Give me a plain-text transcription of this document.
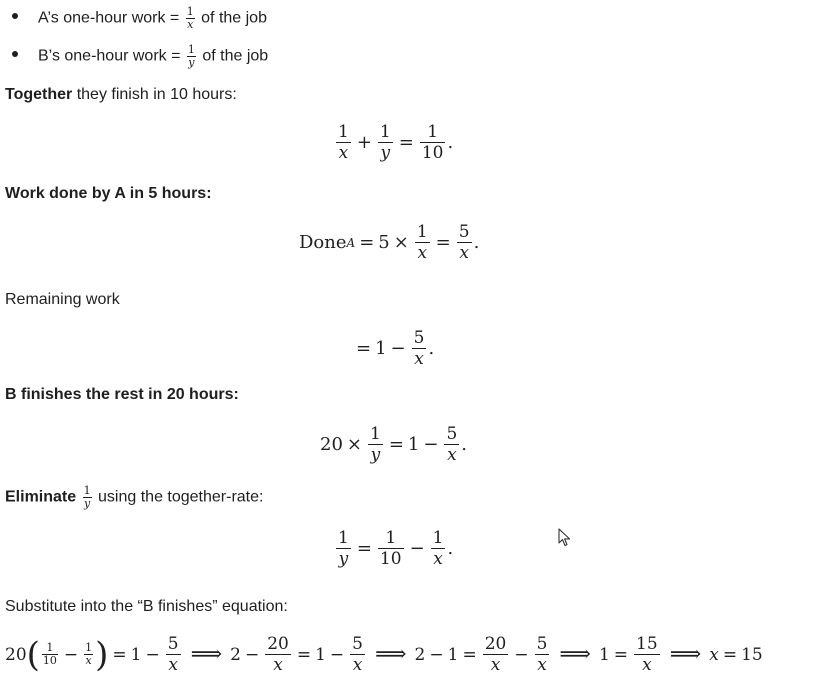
A’s one-hour work = $\frac{1}{x}$ of the job
B’s one-hour work = $\frac{1}{y}$ of the job
Together they finish in 10 hours:
$\frac{1}{x} + \frac{1}{y} = \frac{1}{10}$ .
Work done by A in 5 hours:
Done $A = 5 \times \frac{1}{x} = \frac{5}{x}$ .
Remaining work
= $1 - \frac{5}{x}$ .
B finishes the rest in 20 hours:
$20 \times \frac{1}{y} = 1 - \frac{5}{x}$ .
Eliminate $\frac{1}{y}$ using the together-rate:
$\frac{1}{y} = \frac{1}{10} - \frac{1}{x}$ .
Substitute into the “B finishes” equation:
20 ( $\frac{1}{10} - \frac{1}{x}$ ) = $1 - \frac{5}{x}$ ⟹ $2 - \frac{20}{x} = 1 - \frac{5}{x}$ ⟹ $2 - 1 = \frac{20}{x} - \frac{5}{x}$ ⟹ $1 = \frac{15}{x}$ ⟹ x = 15
